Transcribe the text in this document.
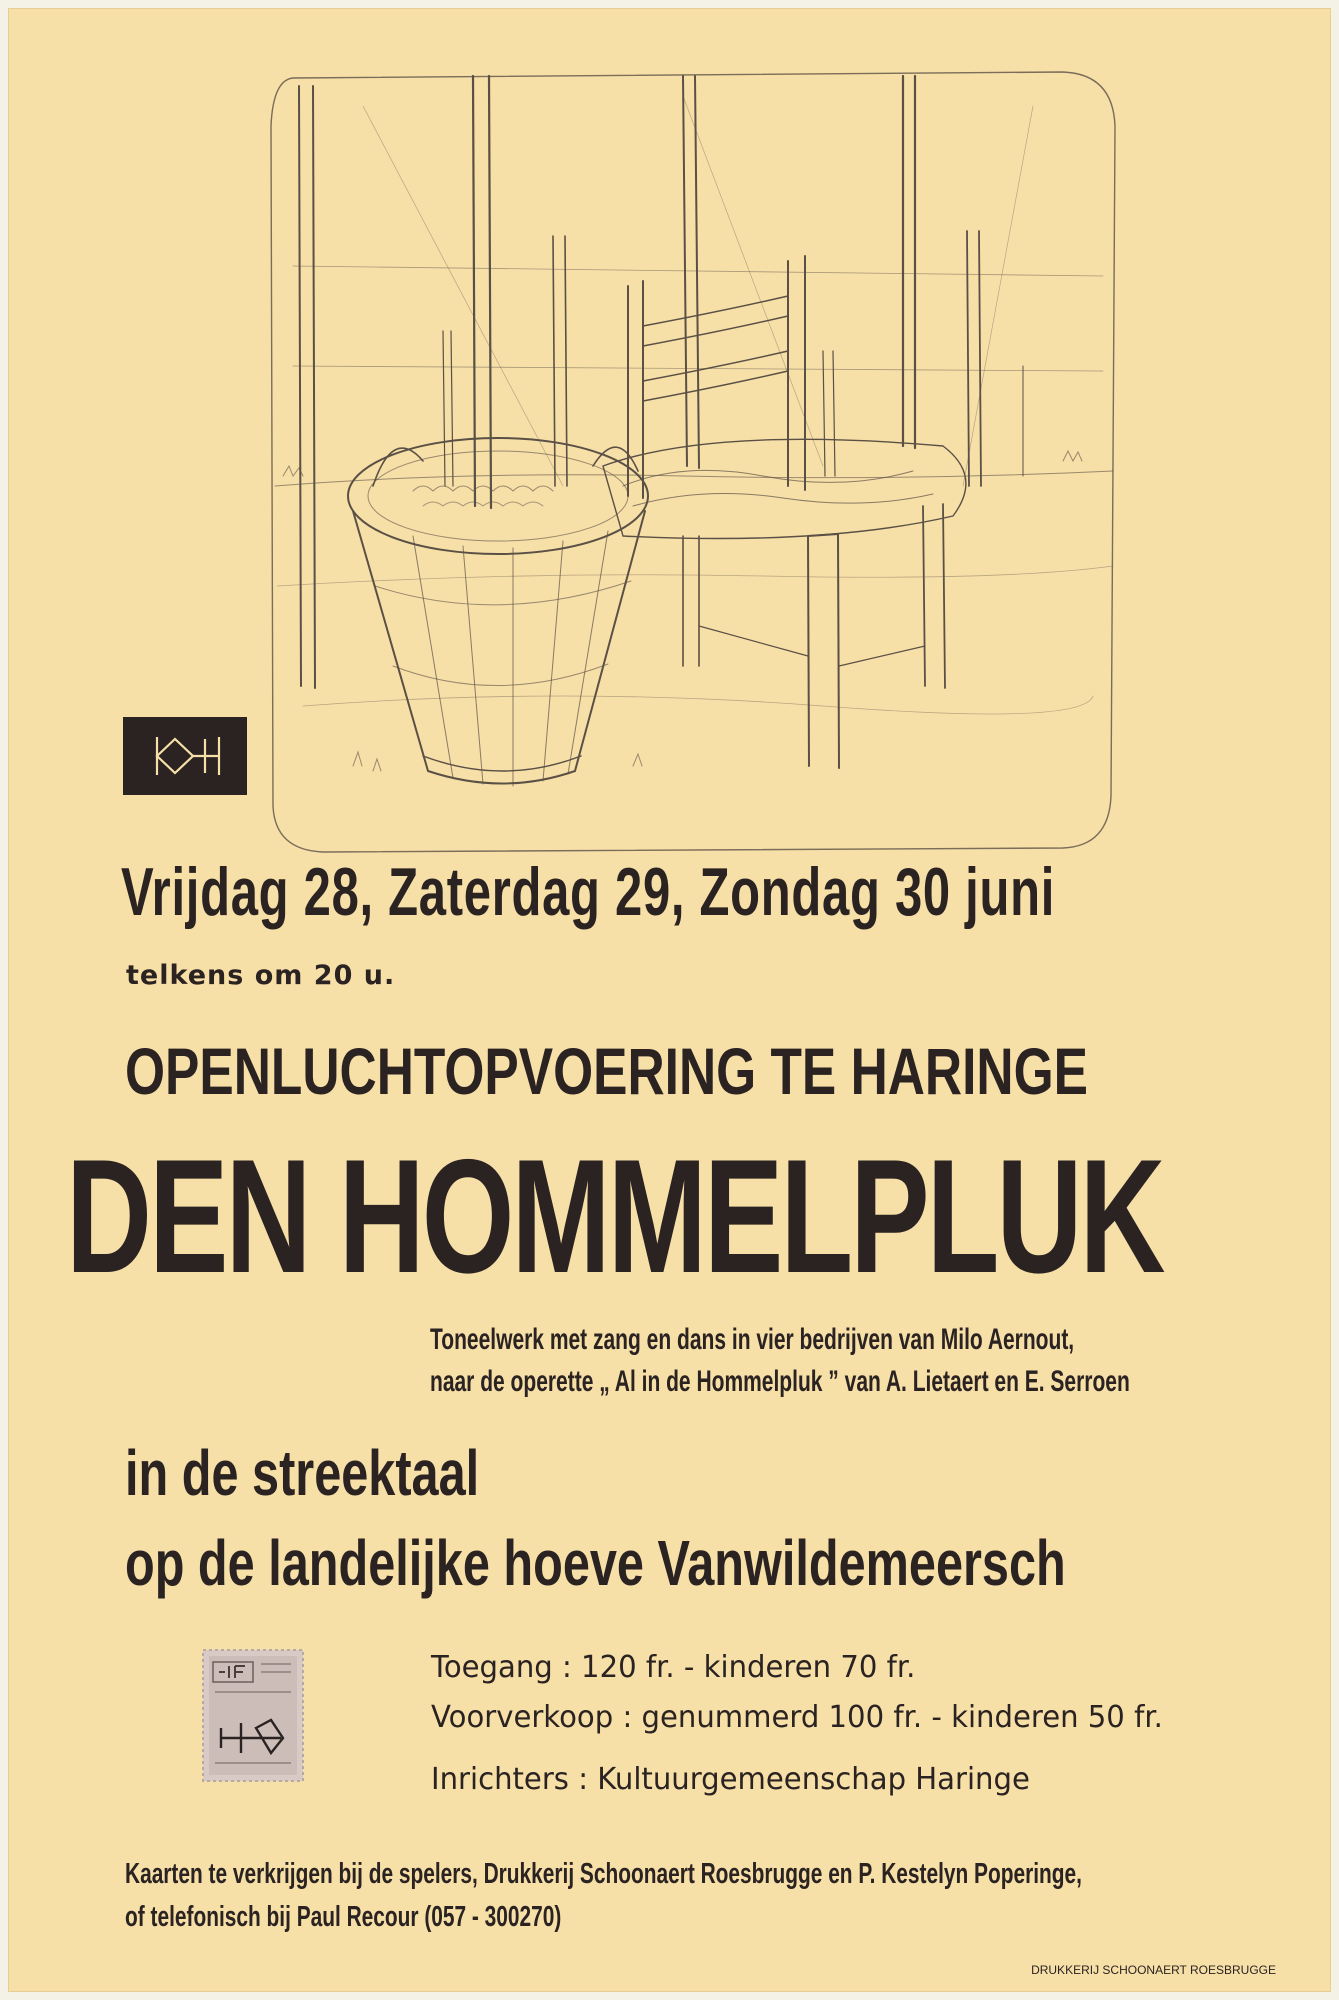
Vrijdag 28, Zaterdag 29, Zondag 30 juni
telkens om 20 u.
OPENLUCHTOPVOERING TE HARINGE
DEN HOMMELPLUK
Toneelwerk met zang en dans in vier bedrijven van Milo Aernout,
naar de operette „ Al in de Hommelpluk ” van A. Lietaert en E. Serroen
in de streektaal
op de landelijke hoeve Vanwildemeersch
Toegang : 120 fr. - kinderen 70 fr.
Voorverkoop : genummerd 100 fr. - kinderen 50 fr.
Inrichters : Kultuurgemeenschap Haringe
Kaarten te verkrijgen bij de spelers, Drukkerij Schoonaert Roesbrugge en P. Kestelyn Poperinge,
of telefonisch bij Paul Recour (057 - 300270)
DRUKKERIJ SCHOONAERT ROESBRUGGE
